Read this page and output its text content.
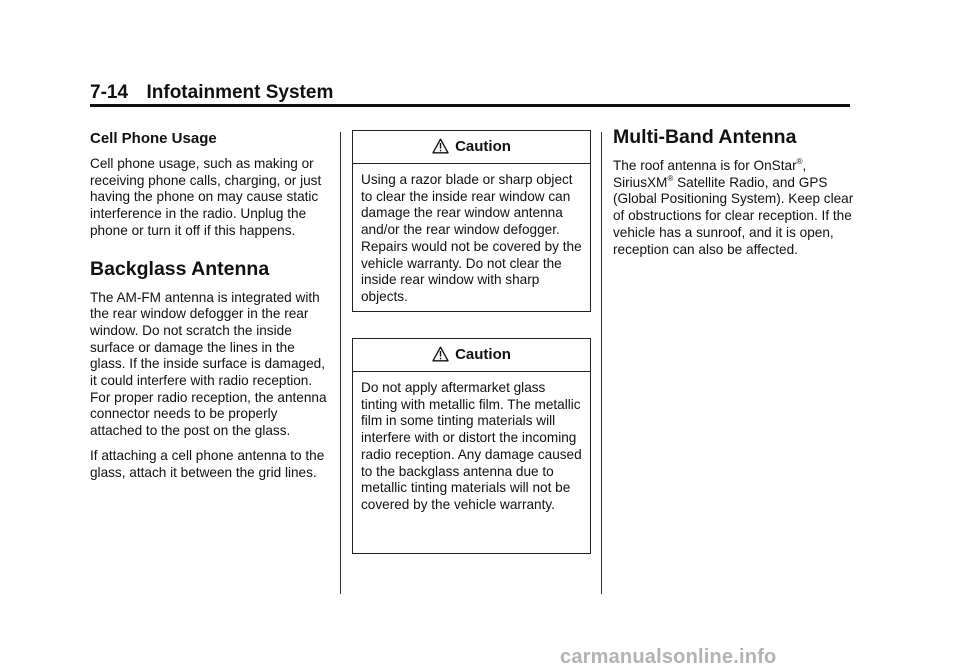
7-14 Infotainment System
Cell Phone Usage

Cell phone usage, such as making or receiving phone calls, charging, or just having the phone on may cause static interference in the radio. Unplug the phone or turn it off if this happens.

Backglass Antenna

The AM-FM antenna is integrated with the rear window defogger in the rear window. Do not scratch the inside surface or damage the lines in the glass. If the inside surface is damaged, it could interfere with radio reception. For proper radio reception, the antenna connector needs to be properly attached to the post on the glass.

If attaching a cell phone antenna to the glass, attach it between the grid lines.

Caution
Using a razor blade or sharp object to clear the inside rear window can damage the rear window antenna and/or the rear window defogger. Repairs would not be covered by the vehicle warranty. Do not clear the inside rear window with sharp objects.
Caution
Do not apply aftermarket glass tinting with metallic film. The metallic film in some tinting materials will interfere with or distort the incoming radio reception. Any damage caused to the backglass antenna due to metallic tinting materials will not be covered by the vehicle warranty.
Multi-Band Antenna

The roof antenna is for OnStar®, SiriusXM® Satellite Radio, and GPS (Global Positioning System). Keep clear of obstructions for clear reception. If the vehicle has a sunroof, and it is open, reception can also be affected.

carmanualsonline.info
